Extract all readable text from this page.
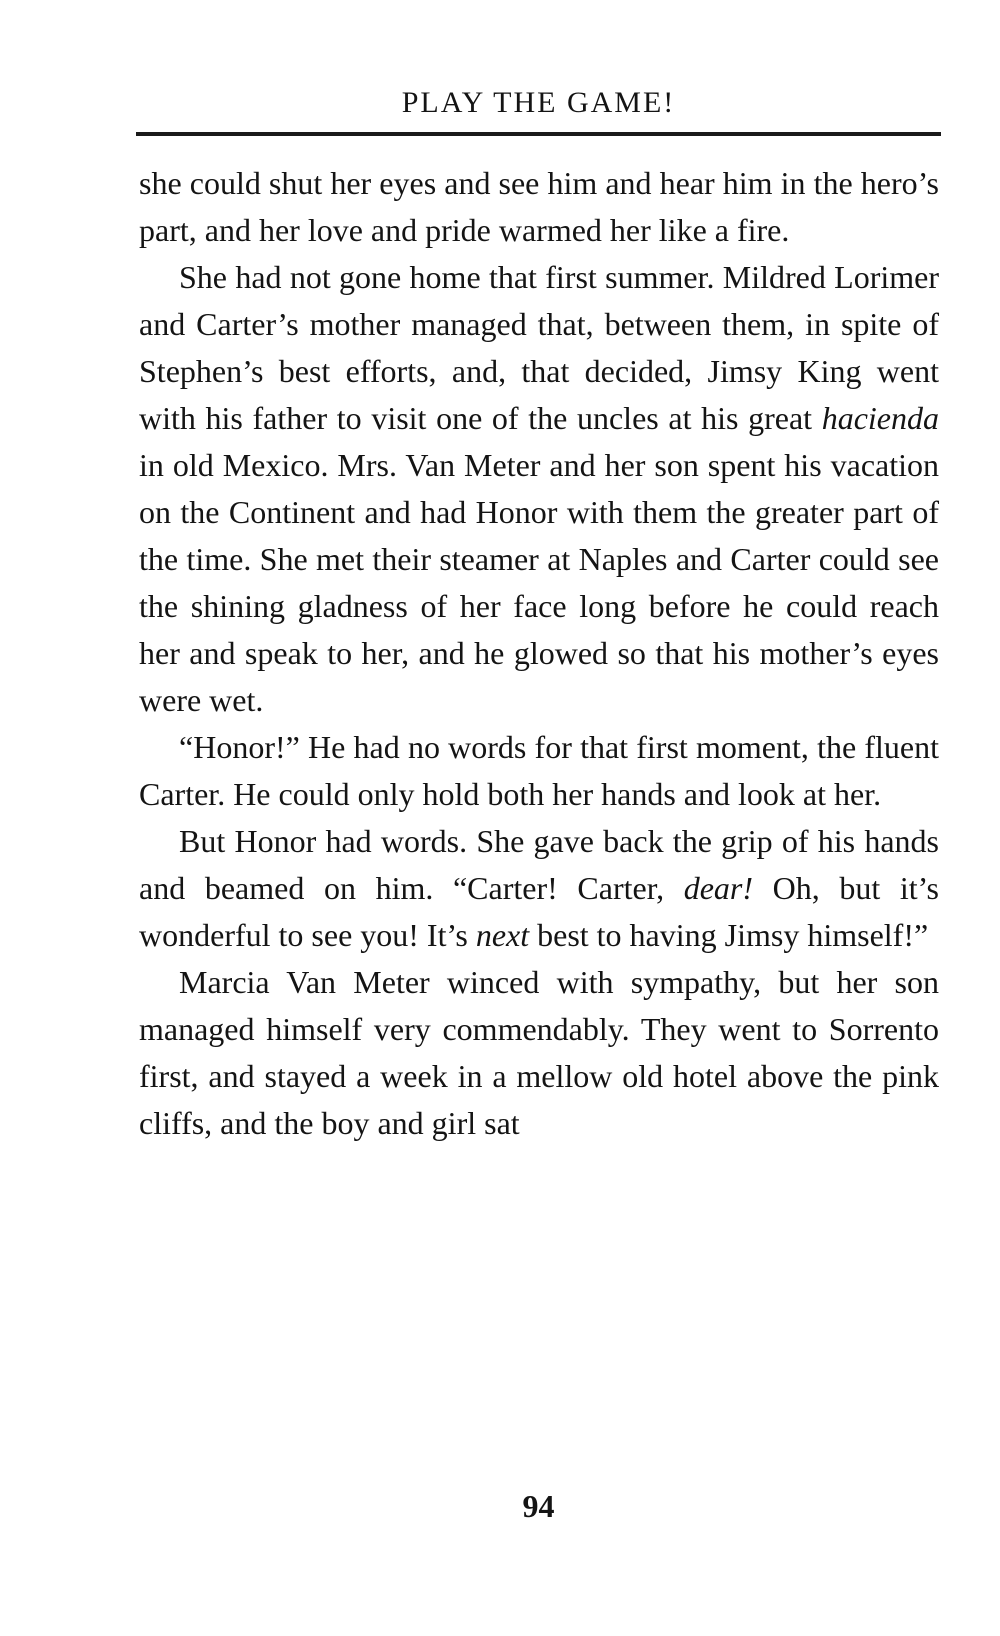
PLAY THE GAME!

she could shut her eyes and see him and hear him in the hero’s part, and her love and pride warmed her like a fire.

She had not gone home that first summer. Mildred Lorimer and Carter’s mother managed that, between them, in spite of Stephen’s best efforts, and, that decided, Jimsy King went with his father to visit one of the uncles at his great hacienda in old Mexico. Mrs. Van Meter and her son spent his vacation on the Continent and had Honor with them the greater part of the time. She met their steamer at Naples and Carter could see the shining gladness of her face long before he could reach her and speak to her, and he glowed so that his mother’s eyes were wet.

“Honor!” He had no words for that first moment, the fluent Carter. He could only hold both her hands and look at her.

But Honor had words. She gave back the grip of his hands and beamed on him. “Carter! Carter, dear! Oh, but it’s wonderful to see you! It’s next best to having Jimsy himself!”

Marcia Van Meter winced with sympathy, but her son managed himself very commendably. They went to Sorrento first, and stayed a week in a mellow old hotel above the pink cliffs, and the boy and girl sat

94
